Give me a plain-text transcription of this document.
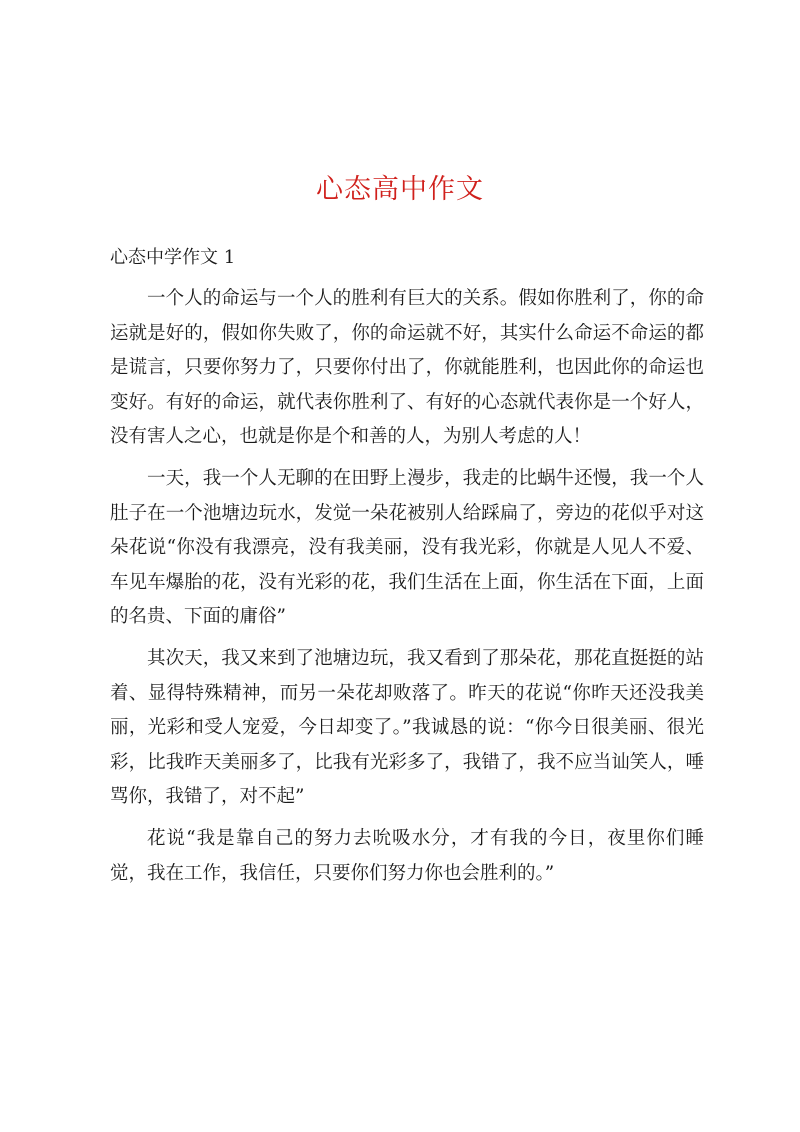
心态高中作文
心态中学作文 1

一个人的命运与一个人的胜利有巨大的关系。假如你胜利了，你的命运就是好的，假如你失败了，你的命运就不好，其实什么命运不命运的都是谎言，只要你努力了，只要你付出了，你就能胜利，也因此你的命运也变好。有好的命运，就代表你胜利了、有好的心态就代表你是一个好人，没有害人之心，也就是你是个和善的人，为别人考虑的人！

一天，我一个人无聊的在田野上漫步，我走的比蜗牛还慢，我一个人肚子在一个池塘边玩水，发觉一朵花被别人给踩扁了，旁边的花似乎对这朵花说“你没有我漂亮，没有我美丽，没有我光彩，你就是人见人不爱、车见车爆胎的花，没有光彩的花，我们生活在上面，你生活在下面，上面的名贵、下面的庸俗”

其次天，我又来到了池塘边玩，我又看到了那朵花，那花直挺挺的站着、显得特殊精神，而另一朵花却败落了。昨天的花说“你昨天还没我美丽，光彩和受人宠爱，今日却变了。”我诚恳的说：“你今日很美丽、很光彩，比我昨天美丽多了，比我有光彩多了，我错了，我不应当讪笑人，唾骂你，我错了，对不起”

花说“我是靠自己的努力去吮吸水分，才有我的今日，夜里你们睡觉，我在工作，我信任，只要你们努力你也会胜利的。”
